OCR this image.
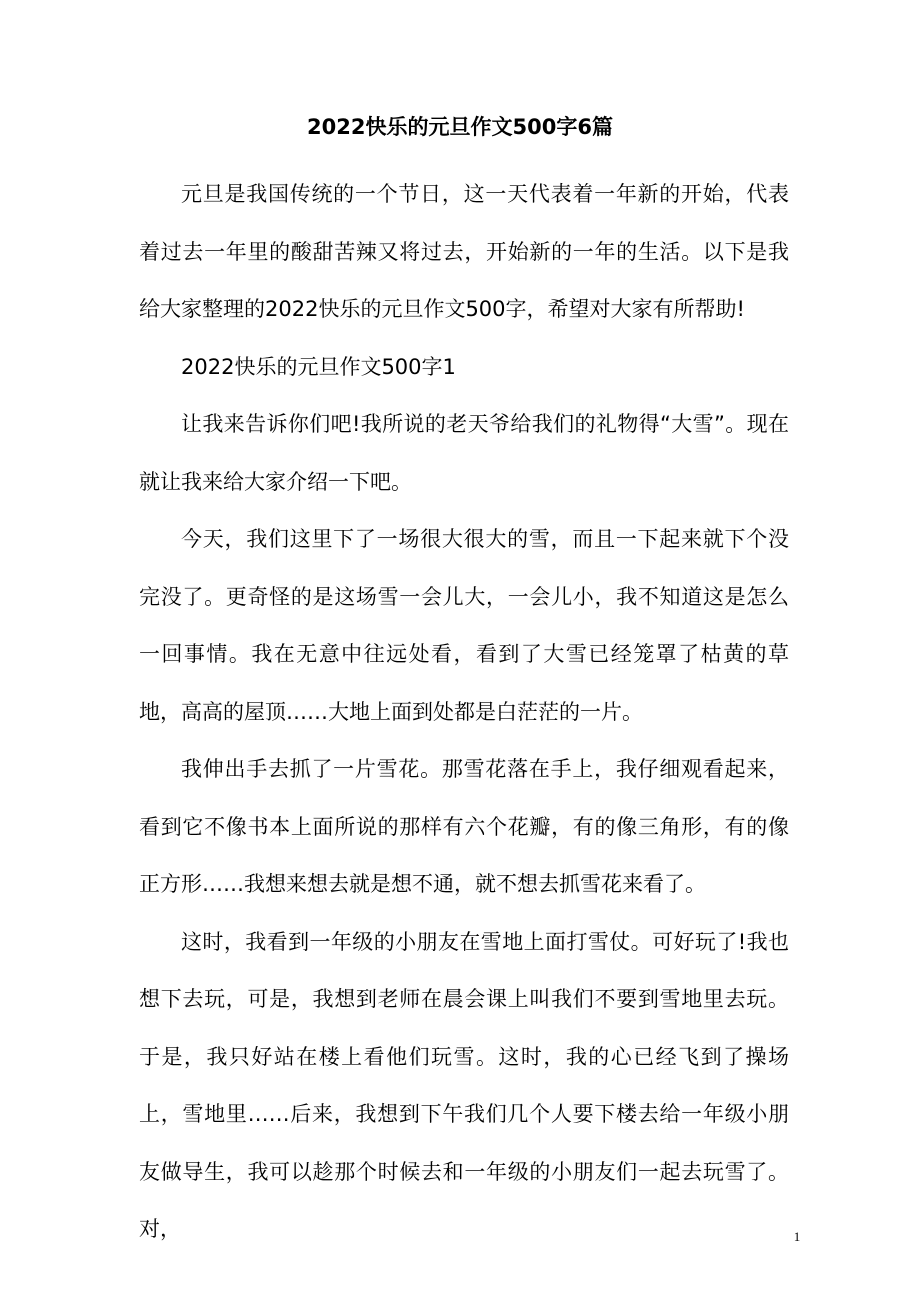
2022快乐的元旦作文500字6篇

元旦是我国传统的一个节日，这一天代表着一年新的开始，代表着过去一年里的酸甜苦辣又将过去，开始新的一年的生活。以下是我给大家整理的2022快乐的元旦作文500字，希望对大家有所帮助!

2022快乐的元旦作文500字1

让我来告诉你们吧!我所说的老天爷给我们的礼物得“大雪”。现在就让我来给大家介绍一下吧。

今天，我们这里下了一场很大很大的雪，而且一下起来就下个没完没了。更奇怪的是这场雪一会儿大，一会儿小，我不知道这是怎么一回事情。我在无意中往远处看，看到了大雪已经笼罩了枯黄的草地，高高的屋顶……大地上面到处都是白茫茫的一片。

我伸出手去抓了一片雪花。那雪花落在手上，我仔细观看起来，看到它不像书本上面所说的那样有六个花瓣，有的像三角形，有的像正方形……我想来想去就是想不通，就不想去抓雪花来看了。

这时，我看到一年级的小朋友在雪地上面打雪仗。可好玩了!我也想下去玩，可是，我想到老师在晨会课上叫我们不要到雪地里去玩。于是，我只好站在楼上看他们玩雪。这时，我的心已经飞到了操场上，雪地里……后来，我想到下午我们几个人要下楼去给一年级小朋友做导生，我可以趁那个时候去和一年级的小朋友们一起去玩雪了。对，	1
